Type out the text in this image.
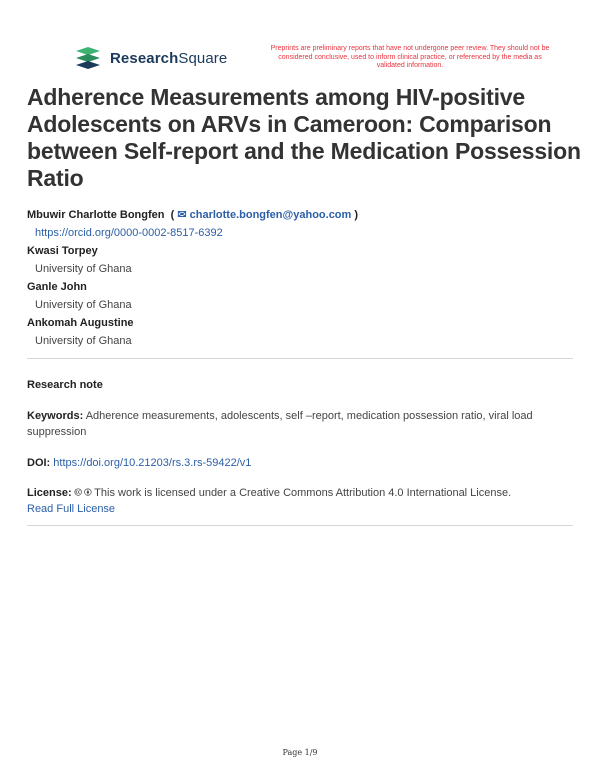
ResearchSquare
Preprints are preliminary reports that have not undergone peer review. They should not be considered conclusive, used to inform clinical practice, or referenced by the media as validated information.
Adherence Measurements among HIV-positive Adolescents on ARVs in Cameroon: Comparison between Self-report and the Medication Possession Ratio
Mbuwir Charlotte Bongfen  ( ✉ charlotte.bongfen@yahoo.com )
https://orcid.org/0000-0002-8517-6392
Kwasi Torpey
University of Ghana
Ganle John
University of Ghana
Ankomah Augustine
University of Ghana
Research note
Keywords: Adherence measurements, adolescents, self –report, medication possession ratio, viral load suppression
DOI: https://doi.org/10.21203/rs.3.rs-59422/v1
License: 🅭 🅯 This work is licensed under a Creative Commons Attribution 4.0 International License.
Read Full License
Page 1/9
